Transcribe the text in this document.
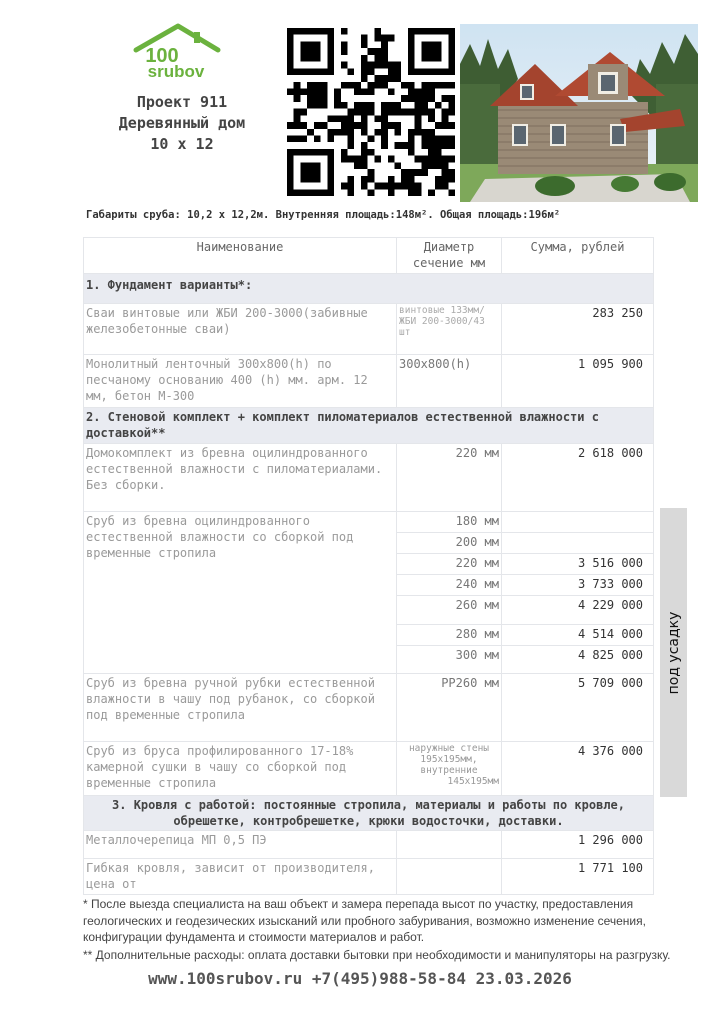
100
srubov
Проект 911
Деревянный дом
10 х 12
Габариты сруба: 10,2 х 12,2м. Внутренняя площадь:148м². Общая площадь:196м²
Наименование	Диаметр
сечение мм	Сумма, рублей
1. Фундамент варианты*:		
Сваи винтовые или ЖБИ 200-3000(забивные железобетонные сваи)	винтовые 133мм/ЖБИ 200-3000/43 шт	283 250
Монолитный ленточный 300х800(h) по песчаному основанию 400 (h) мм. арм. 12 мм, бетон М-300	300х800(h)	1 095 900
2. Стеновой комплект + комплект пиломатериалов естественной влажности с доставкой**		
Домокомплект из бревна оцилиндрованного естественной влажности с пиломатериалами. Без сборки.	220 мм	2 618 000
Сруб из бревна оцилиндрованного естественной влажности со сборкой под временные стропила	180 мм	
	200 мм	
	220 мм	3 516 000
	240 мм	3 733 000
	260 мм	4 229 000
	280 мм	4 514 000
	300 мм	4 825 000
Сруб из бревна ручной рубки естественной влажности в чашу под рубанок, со сборкой под временные стропила	РР260 мм	5 709 000
Сруб из бруса профилированного 17-18% камерной сушки в чашу со сборкой под временные стропила	наружные стены
195х195мм,
внутренние
145х195мм	4 376 000
3. Кровля с работой: постоянные стропила, материалы и работы по кровле, обрешетке, контробрешетке, крюки водосточки, доставки.		
Металлочерепица МП 0,5 ПЭ		1 296 000
Гибкая кровля, зависит от производителя, цена от		1 771 100
под усадку

* После выезда специалиста на ваш объект и замера перепада высот по участку, предоставления геологических и геодезических изысканий или пробного забуривания, возможно изменение сечения, конфигурации фундамента и стоимости материалов и работ.

** Дополнительные расходы: оплата доставки бытовки при необходимости и манипуляторы на разгрузку.

www.100srubov.ru +7(495)988-58-84 23.03.2026
